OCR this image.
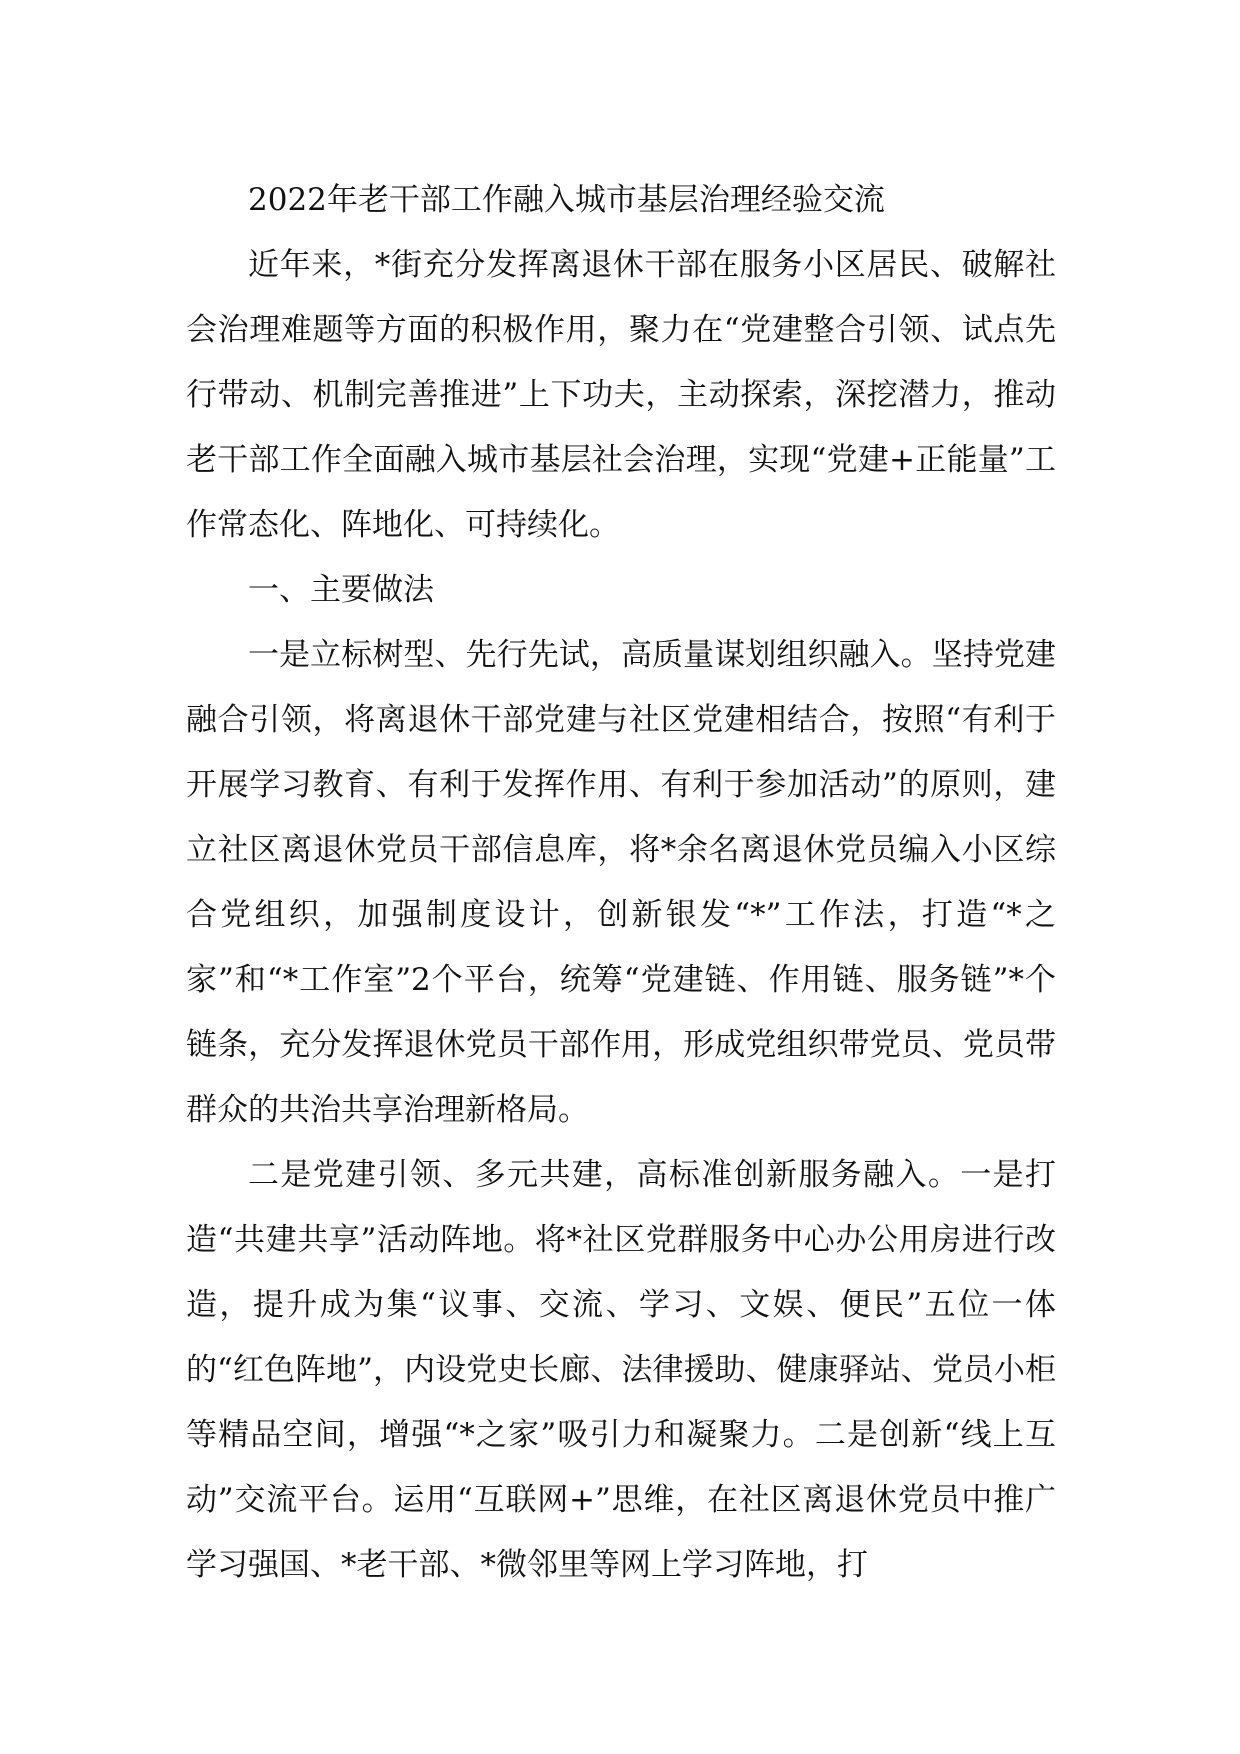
2022年老干部工作融入城市基层治理经验交流

近年来，*街充分发挥离退休干部在服务小区居民、破解社会治理难题等方面的积极作用，聚力在“党建整合引领、试点先行带动、机制完善推进”上下功夫，主动探索，深挖潜力，推动老干部工作全面融入城市基层社会治理，实现“党建+正能量”工作常态化、阵地化、可持续化。

一、主要做法

一是立标树型、先行先试，高质量谋划组织融入。坚持党建融合引领，将离退休干部党建与社区党建相结合，按照“有利于开展学习教育、有利于发挥作用、有利于参加活动”的原则，建立社区离退休党员干部信息库，将*余名离退休党员编入小区综合党组织，加强制度设计，创新银发“*”工作法，打造“*之家”和“*工作室”2个平台，统筹“党建链、作用链、服务链”*个链条，充分发挥退休党员干部作用，形成党组织带党员、党员带群众的共治共享治理新格局。

二是党建引领、多元共建，高标准创新服务融入。一是打造“共建共享”活动阵地。将*社区党群服务中心办公用房进行改造，提升成为集“议事、交流、学习、文娱、便民”五位一体的“红色阵地”，内设党史长廊、法律援助、健康驿站、党员小柜等精品空间，增强“*之家”吸引力和凝聚力。二是创新“线上互动”交流平台。运用“互联网+”思维，在社区离退休党员中推广学习强国、*老干部、*微邻里等网上学习阵地，打
